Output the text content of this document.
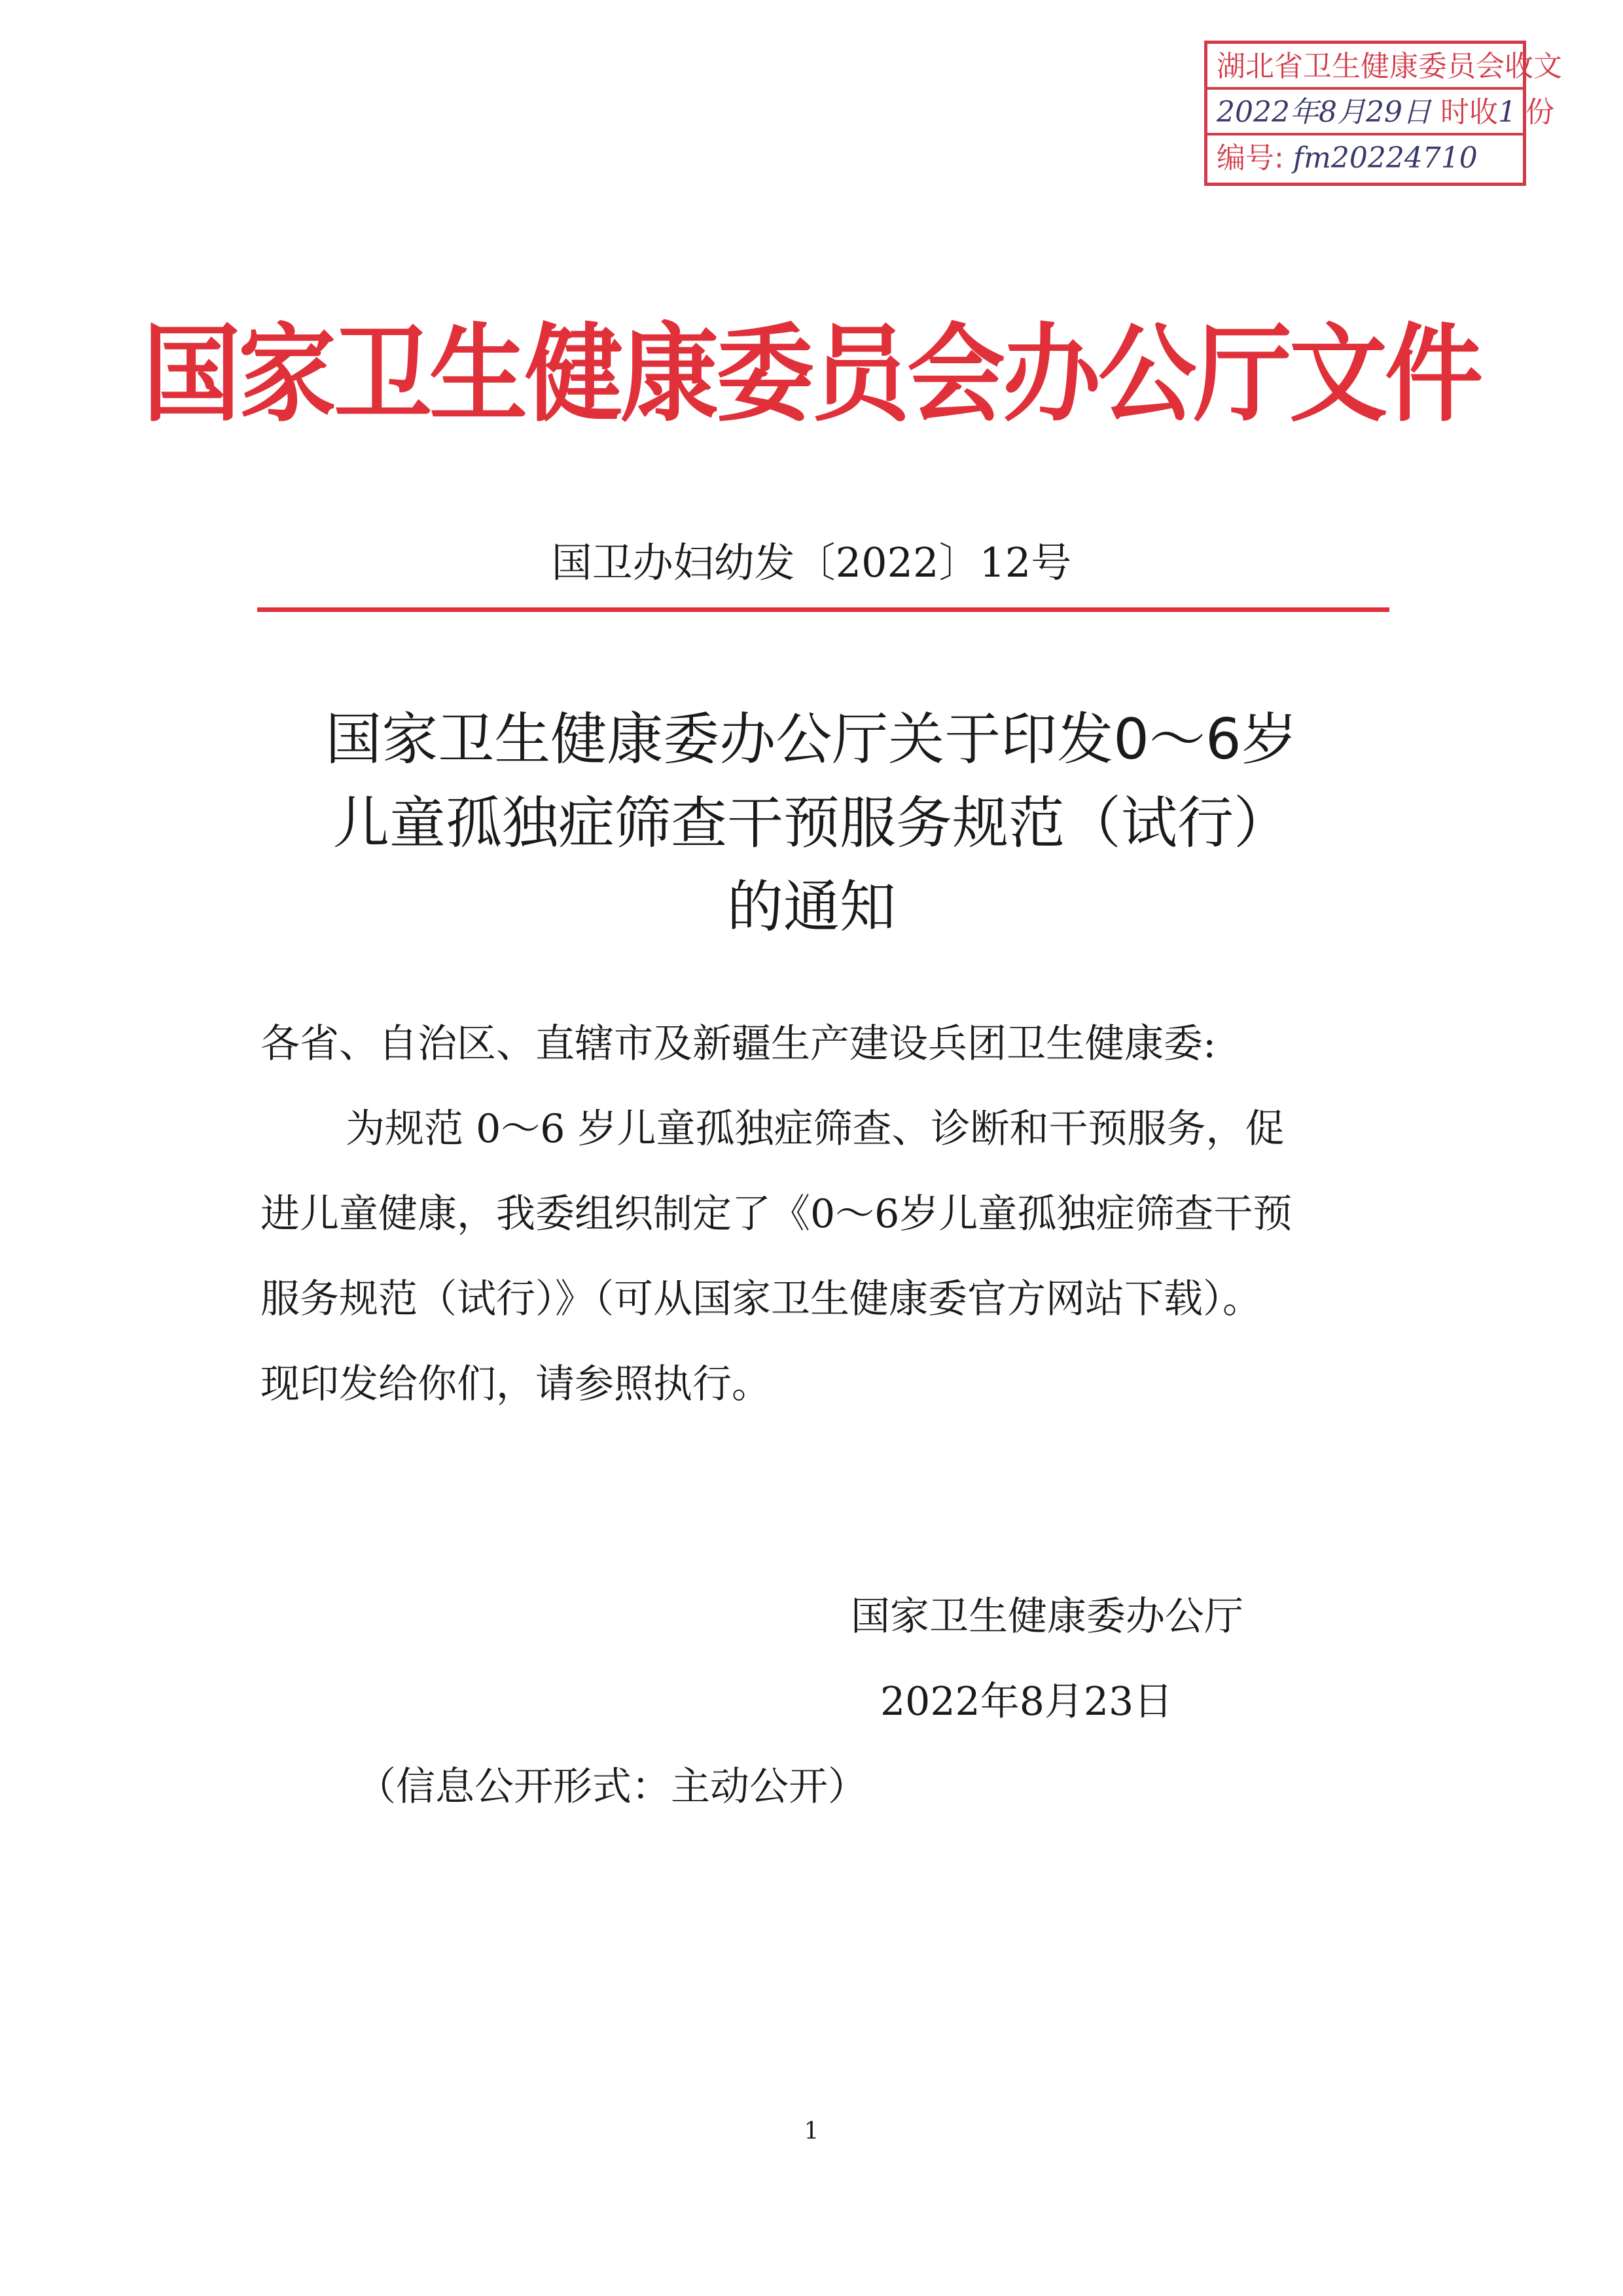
湖北省卫生健康委员会收文
2022年8月29日 时收1 份
编号: fm20224710
国家卫生健康委员会办公厅文件
国卫办妇幼发〔2022〕12号
国家卫生健康委办公厅关于印发0～6岁
儿童孤独症筛查干预服务规范（试行）
的通知
各省、自治区、直辖市及新疆生产建设兵团卫生健康委:
为规范 0～6 岁儿童孤独症筛查、诊断和干预服务，促
进儿童健康，我委组织制定了《0～6岁儿童孤独症筛查干预
服务规范（试行）》（可从国家卫生健康委官方网站下载）。
现印发给你们，请参照执行。
国家卫生健康委办公厅
2022年8月23日
（信息公开形式：主动公开）
1
